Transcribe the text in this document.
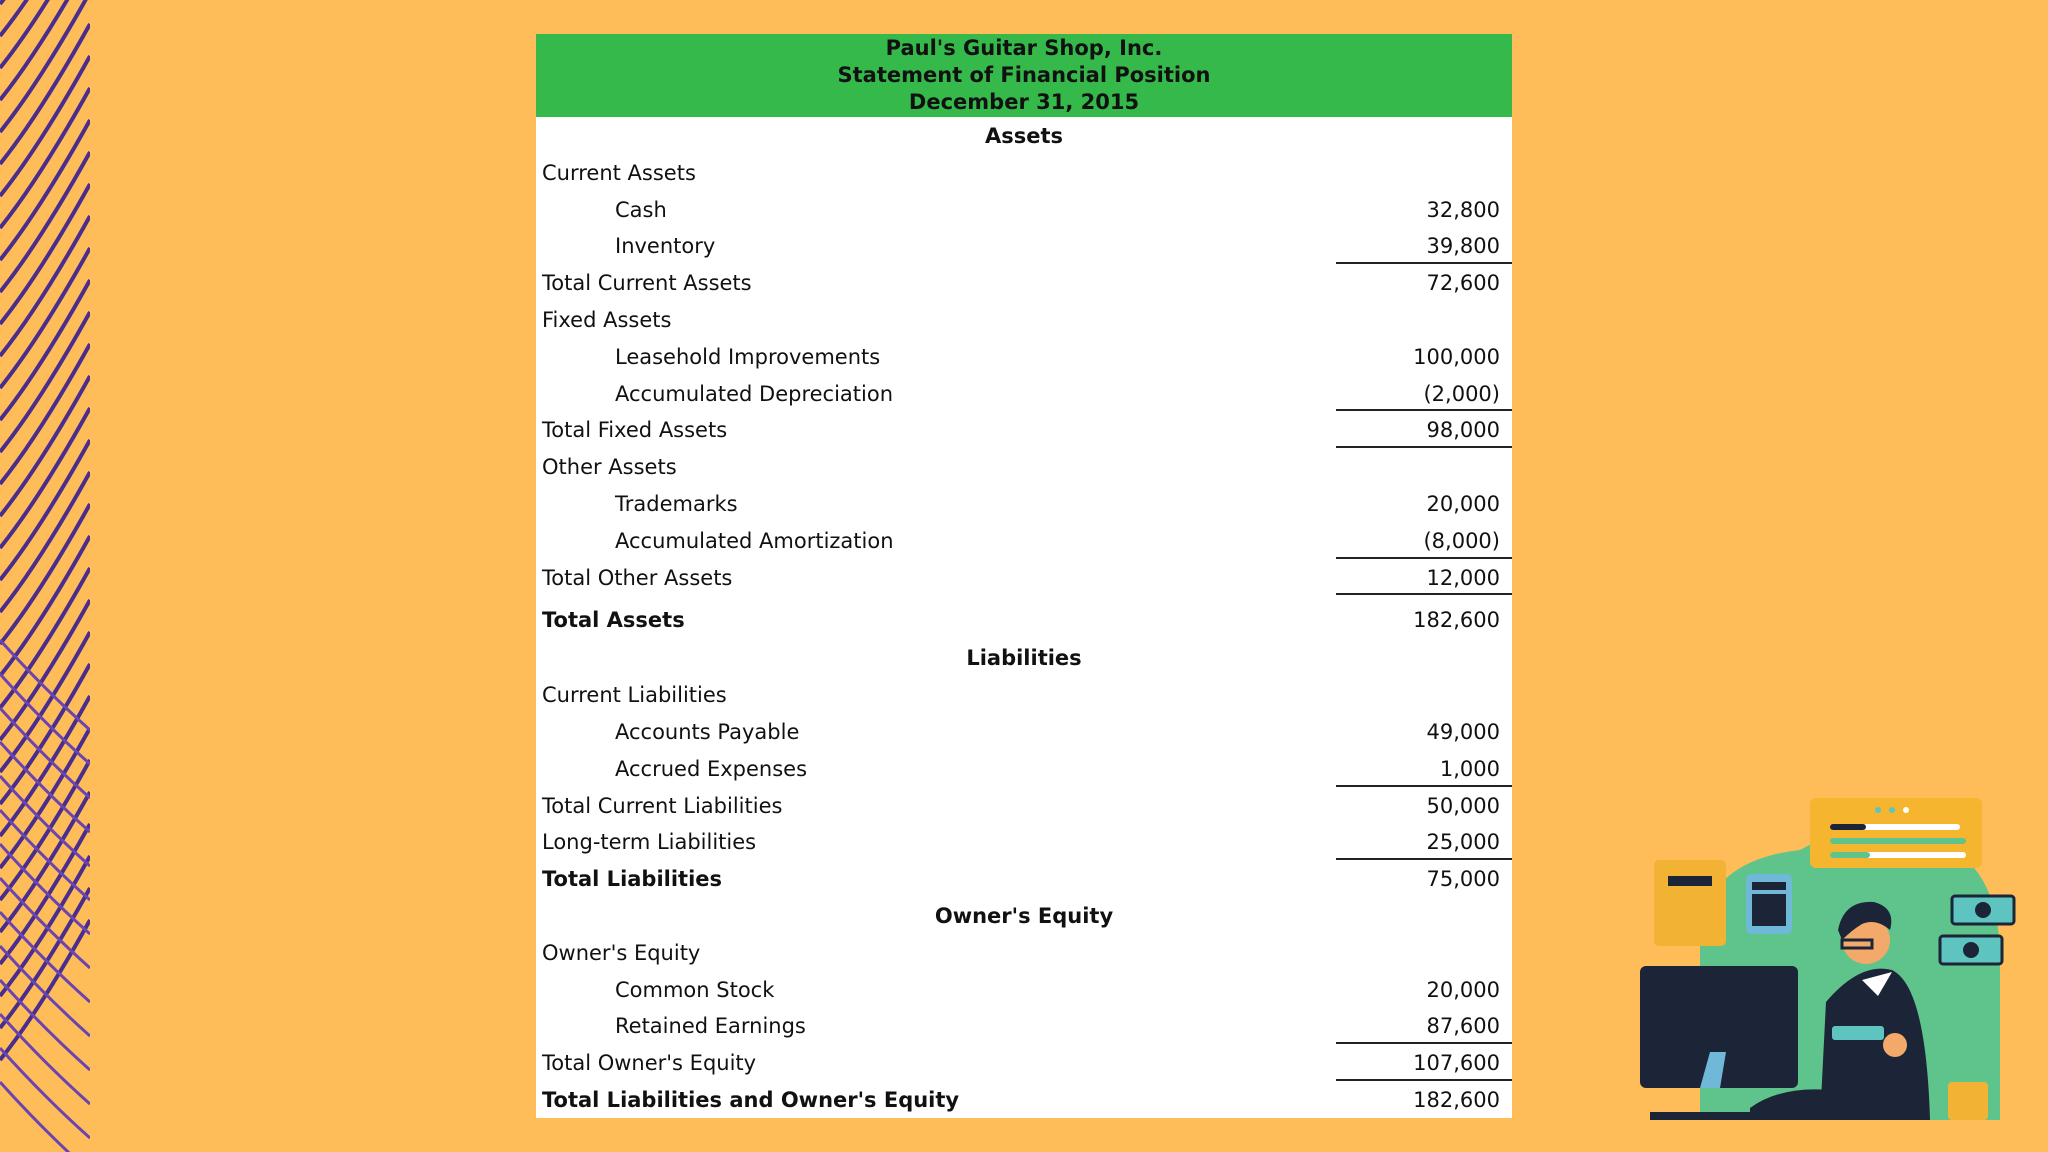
Paul's Guitar Shop, Inc.
Statement of Financial Position
December 31, 2015
Assets
Current Assets
Cash	32,800
Inventory	39,800
Total Current Assets	72,600
Fixed Assets
Leasehold Improvements	100,000
Accumulated Depreciation	(2,000)
Total Fixed Assets	98,000
Other Assets
Trademarks	20,000
Accumulated Amortization	(8,000)
Total Other Assets	12,000
Total Assets	182,600
Liabilities
Current Liabilities
Accounts Payable	49,000
Accrued Expenses	1,000
Total Current Liabilities	50,000
Long-term Liabilities	25,000
Total Liabilities	75,000
Owner's Equity
Owner's Equity
Common Stock	20,000
Retained Earnings	87,600
Total Owner's Equity	107,600
Total Liabilities and Owner's Equity	182,600
